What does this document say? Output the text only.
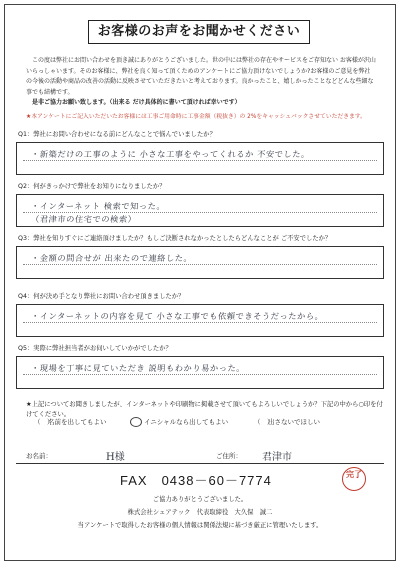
お客様のお声をお聞かせください

この度は弊社にお問い合わせを頂き誠にありがとうございました。世の中には弊社の存在やサービスをご存知ない お客様が沢山いらっしゃいます。そのお客様に、弊社を良く知って頂くためのアンケートにご協力頂けないでしょうか?お客様のご意見を弊社の今後の活動や商品の改善の活動に反映させていただきたいと考えております。良かったこと、嬉しかったことなどどんな些細な事でも結構です。

是非ご協力お願い致します。（出来る だけ具体的に書いて頂ければ幸いです）

★本アンケートにご記入いただいたお客様には工事ご用命時に工事金額（税抜き）の 2%をキャッシュバックさせていただきます。
Q1：弊社にお問い合わせになる前にどんなことで悩んでいましたか？
・新築だけの工事のように 小さな工事をやってくれるか 不安でした。
Q2：何がきっかけで弊社をお知りになりましたか？
・インターネット 検索で知った。
（君津市の住宅での検索）
Q3：弊社を知りすぐにご連絡頂けましたか？もしご決断されなかったとしたらどんなことが ご不安でしたか？
・金額の問合せが 出来たので連絡した。
Q4：何が決め手となり弊社にお問い合わせ頂きましたか？
・インターネットの内容を見て 小さな工事でも依頼できそうだったから。
Q5：実際に弊社担当者がお伺いしていかがでしたか？
・現場を丁寧に見ていただき 説明もわかり易かった。
★上記についてお聞きしましたが、インターネットや印刷物に掲載させて頂いてもよろしいでしょうか？下記の中から○印を付けてください。
（　）名前を出してもよい	イニシャルなら出してもよい	（　）出さないでほしい
お名前：	H様	ご住所： 君津市
完了
FAX　0438－60－7774
ご協力ありがとうございました。
株式会社シェアテック　代表取締役　大久保　誠二
当アンケートで取得したお客様の個人情報は関係法規に基づき厳正に管理いたします。
